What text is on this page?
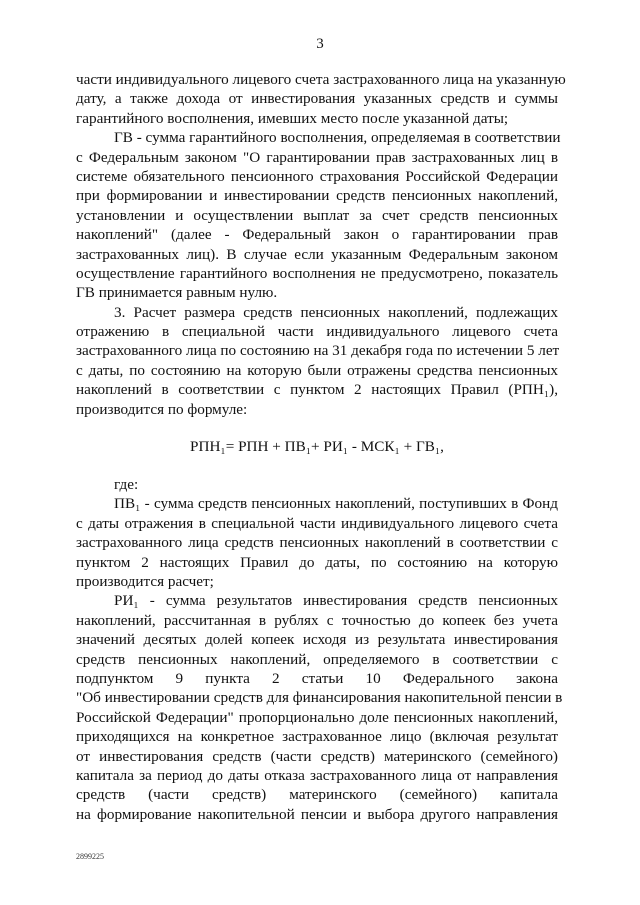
3
части индивидуального лицевого счета застрахованного лица на указанную
дату, а также дохода от инвестирования указанных средств и суммы
гарантийного восполнения, имевших место после указанной даты;
ГВ - сумма гарантийного восполнения, определяемая в соответствии
с Федеральным законом "О гарантировании прав застрахованных лиц в
системе обязательного пенсионного страхования Российской Федерации
при формировании и инвестировании средств пенсионных накоплений,
установлении и осуществлении выплат за счет средств пенсионных
накоплений" (далее - Федеральный закон о гарантировании прав
застрахованных лиц). В случае если указанным Федеральным законом
осуществление гарантийного восполнения не предусмотрено, показатель
ГВ принимается равным нулю.
3. Расчет размера средств пенсионных накоплений, подлежащих
отражению в специальной части индивидуального лицевого счета
застрахованного лица по состоянию на 31 декабря года по истечении 5 лет
с даты, по состоянию на которую были отражены средства пенсионных
накоплений в соответствии с пунктом 2 настоящих Правил (РПН₁),
производится по формуле:
РПН₁= РПН + ПВ₁+ РИ₁ - МСК₁ + ГВ₁,
где:
ПВ₁ - сумма средств пенсионных накоплений, поступивших в Фонд
с даты отражения в специальной части индивидуального лицевого счета
застрахованного лица средств пенсионных накоплений в соответствии с
пунктом 2 настоящих Правил до даты, по состоянию на которую
производится расчет;
РИ₁ - сумма результатов инвестирования средств пенсионных
накоплений, рассчитанная в рублях с точностью до копеек без учета
значений десятых долей копеек исходя из результата инвестирования
средств пенсионных накоплений, определяемого в соответствии с
подпунктом 9 пункта 2 статьи 10 Федерального закона
"Об инвестировании средств для финансирования накопительной пенсии в
Российской Федерации" пропорционально доле пенсионных накоплений,
приходящихся на конкретное застрахованное лицо (включая результат
от инвестирования средств (части средств) материнского (семейного)
капитала за период до даты отказа застрахованного лица от направления
средств (части средств) материнского (семейного) капитала
на формирование накопительной пенсии и выбора другого направления
2899225
